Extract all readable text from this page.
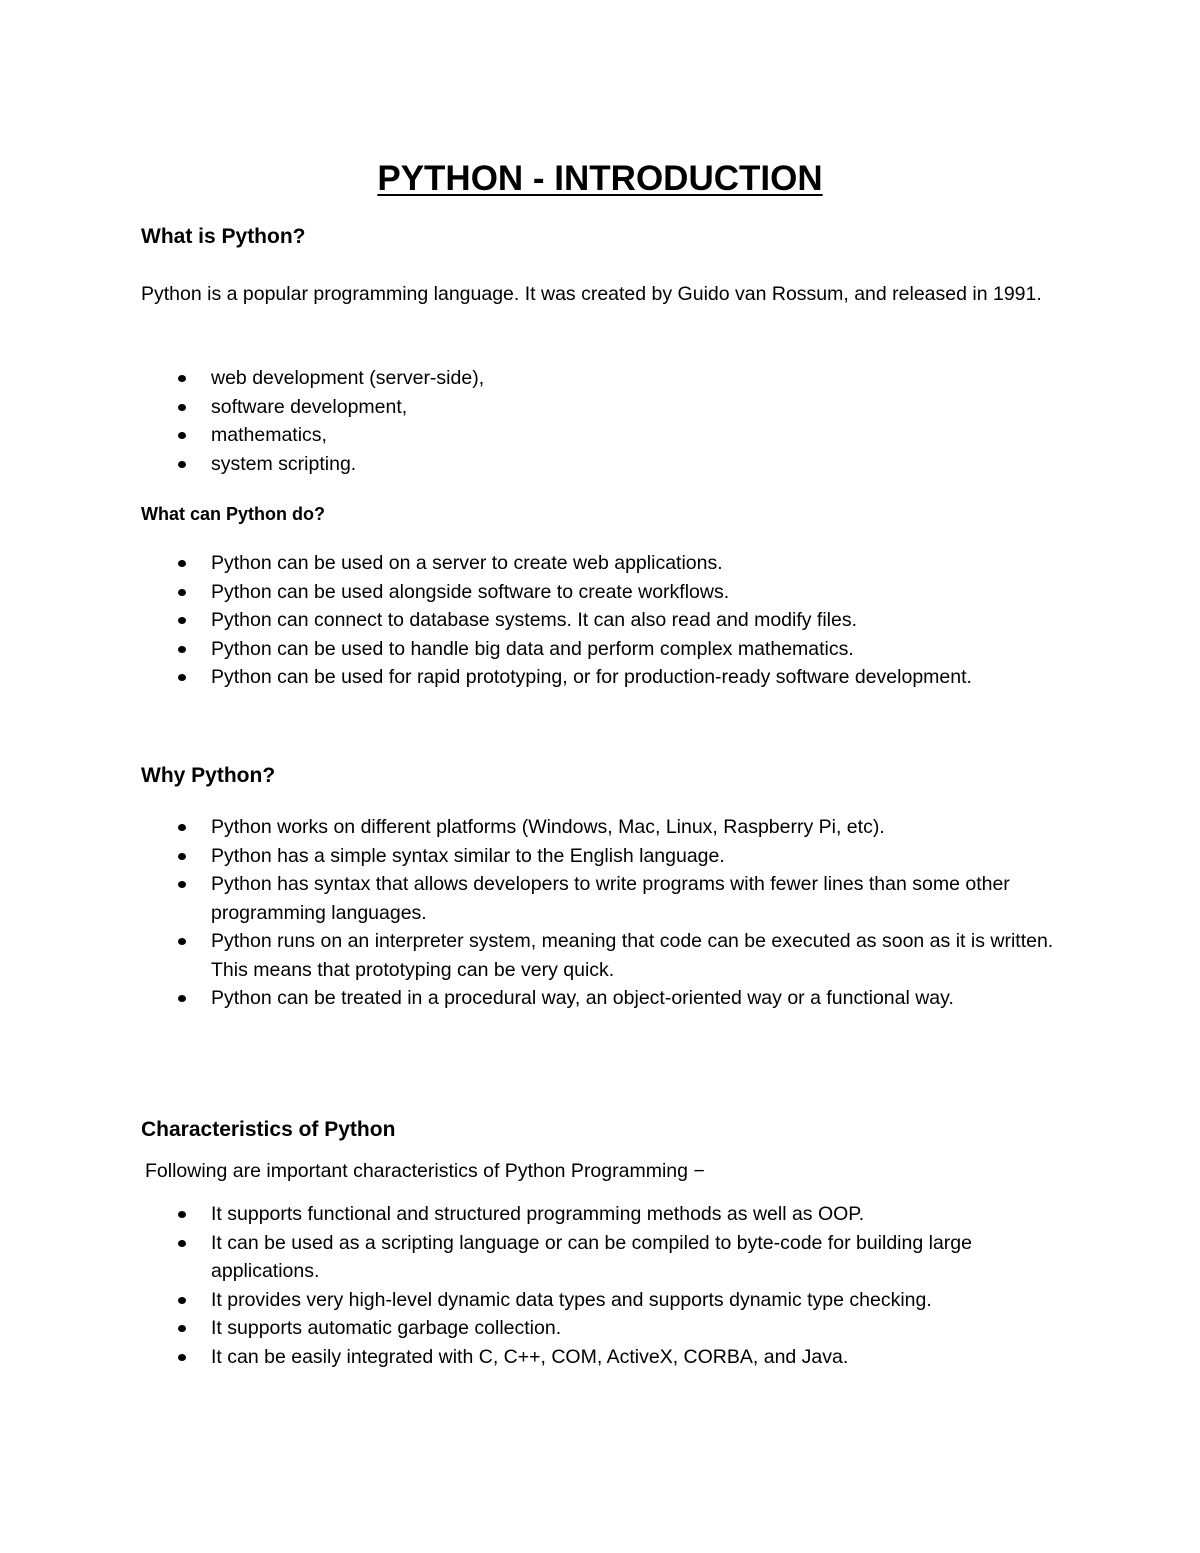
PYTHON - INTRODUCTION
What is Python?

Python is a popular programming language. It was created by Guido van Rossum, and released in 1991.

web development (server-side),
software development,
mathematics,
system scripting.
What can Python do?
Python can be used on a server to create web applications.
Python can be used alongside software to create workflows.
Python can connect to database systems. It can also read and modify files.
Python can be used to handle big data and perform complex mathematics.
Python can be used for rapid prototyping, or for production-ready software development.
Why Python?
Python works on different platforms (Windows, Mac, Linux, Raspberry Pi, etc).
Python has a simple syntax similar to the English language.
Python has syntax that allows developers to write programs with fewer lines than some other programming languages.
Python runs on an interpreter system, meaning that code can be executed as soon as it is written. This means that prototyping can be very quick.
Python can be treated in a procedural way, an object-oriented way or a functional way.
Characteristics of Python

Following are important characteristics of Python Programming −

It supports functional and structured programming methods as well as OOP.
It can be used as a scripting language or can be compiled to byte-code for building large applications.
It provides very high-level dynamic data types and supports dynamic type checking.
It supports automatic garbage collection.
It can be easily integrated with C, C++, COM, ActiveX, CORBA, and Java.
